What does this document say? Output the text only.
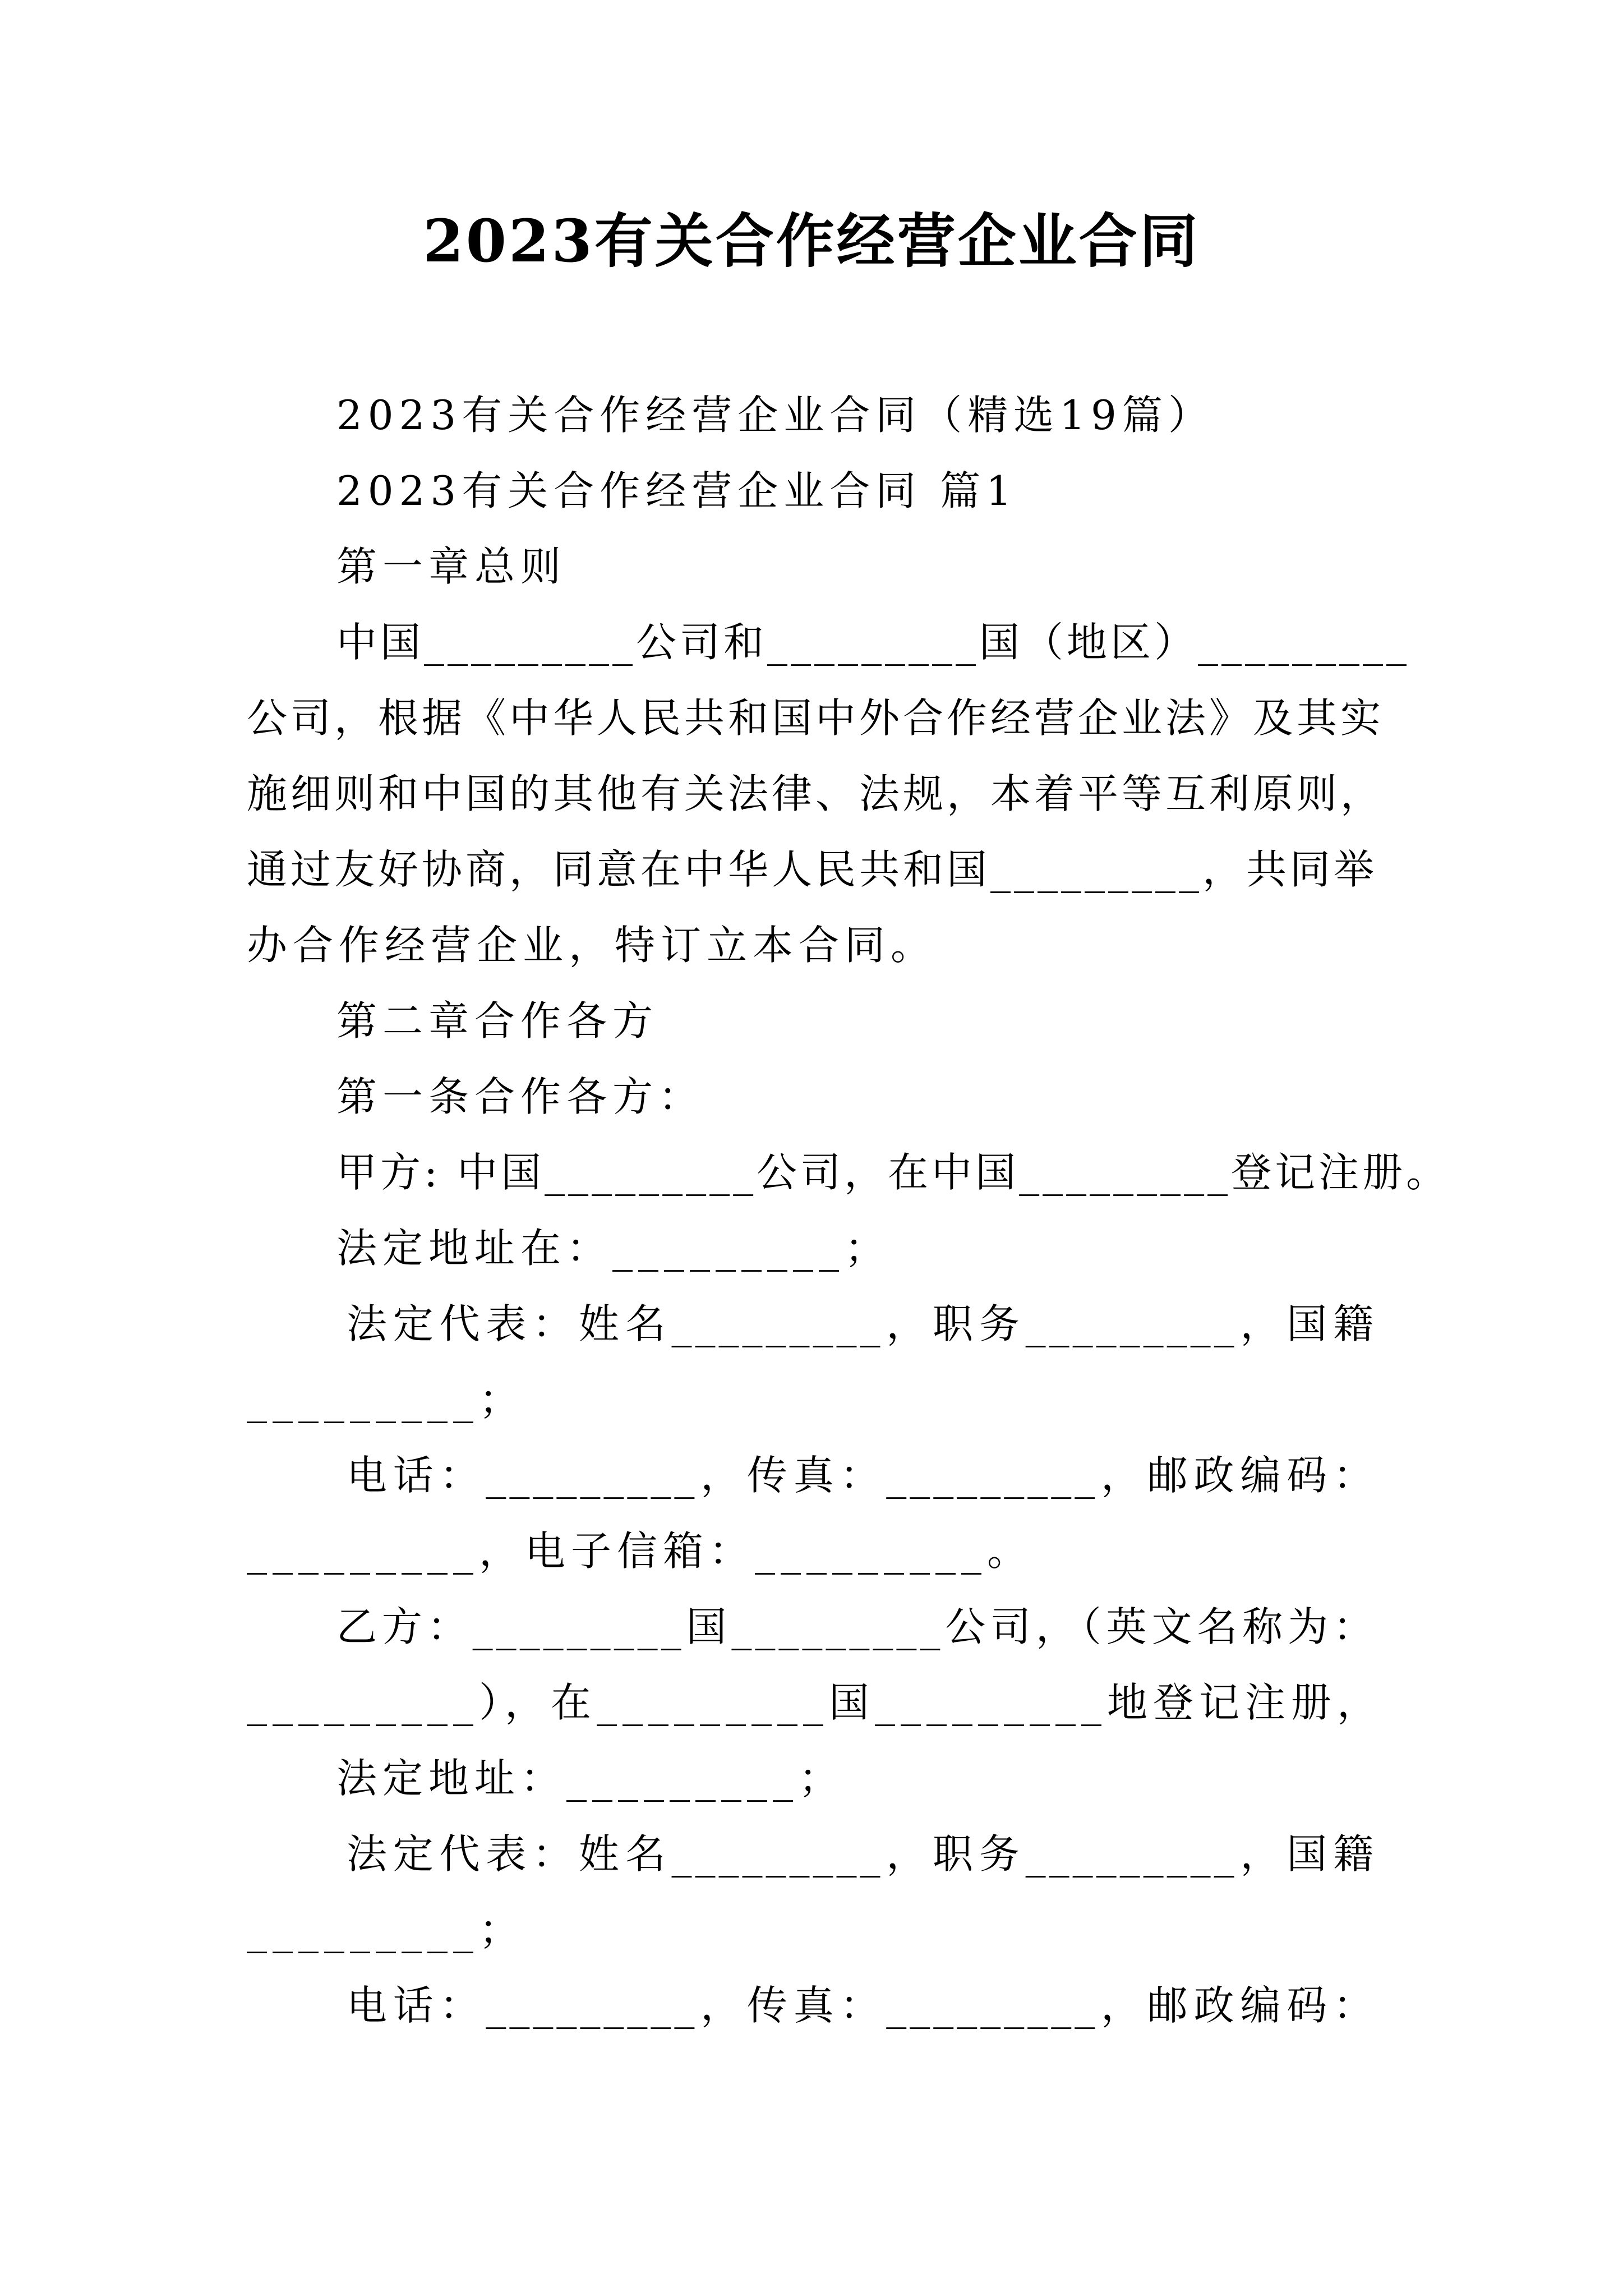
2023有关合作经营企业合同
2023有关合作经营企业合同（精选19篇）
2023有关合作经营企业合同 篇1
第一章总则
中国_________公司和_________国（地区）_________
公司，根据《中华人民共和国中外合作经营企业法》及其实
施细则和中国的其他有关法律、法规，本着平等互利原则，
通过友好协商，同意在中华人民共和国_________，共同举
办合作经营企业，特订立本合同。
第二章合作各方
第一条合作各方：
甲方: 中国_________公司，在中国_________登记注册。
法定地址在：_________；
法定代表：姓名_________，职务_________，国籍
_________；
电话：_________，传真：_________，邮政编码：
_________，电子信箱：_________。
乙方：_________国_________公司，（英文名称为：
_________），在_________国_________地登记注册，
法定地址：_________；
法定代表：姓名_________，职务_________，国籍
_________；
电话：_________，传真：_________，邮政编码：
